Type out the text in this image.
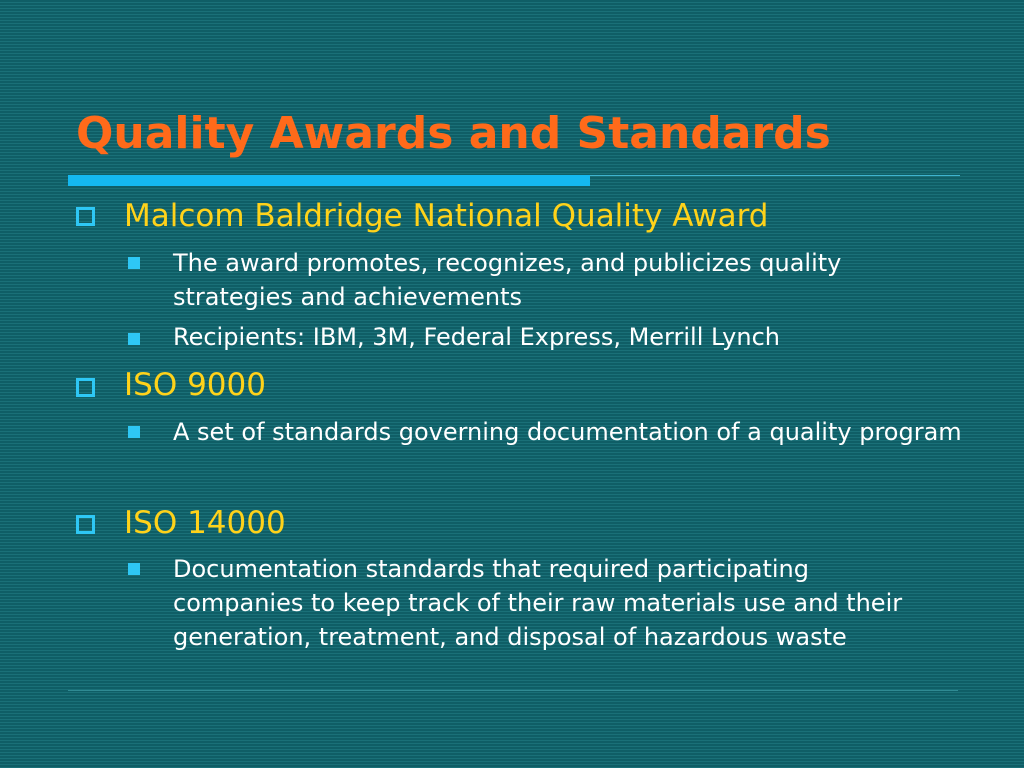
Quality Awards and Standards
Malcom Baldridge National Quality Award
The award promotes, recognizes, and publicizes quality strategies and achievements
Recipients: IBM, 3M, Federal Express, Merrill Lynch
ISO 9000
A set of standards governing documentation of a quality program
ISO 14000
Documentation standards that required participating companies to keep track of their raw materials use and their generation, treatment, and disposal of hazardous waste
